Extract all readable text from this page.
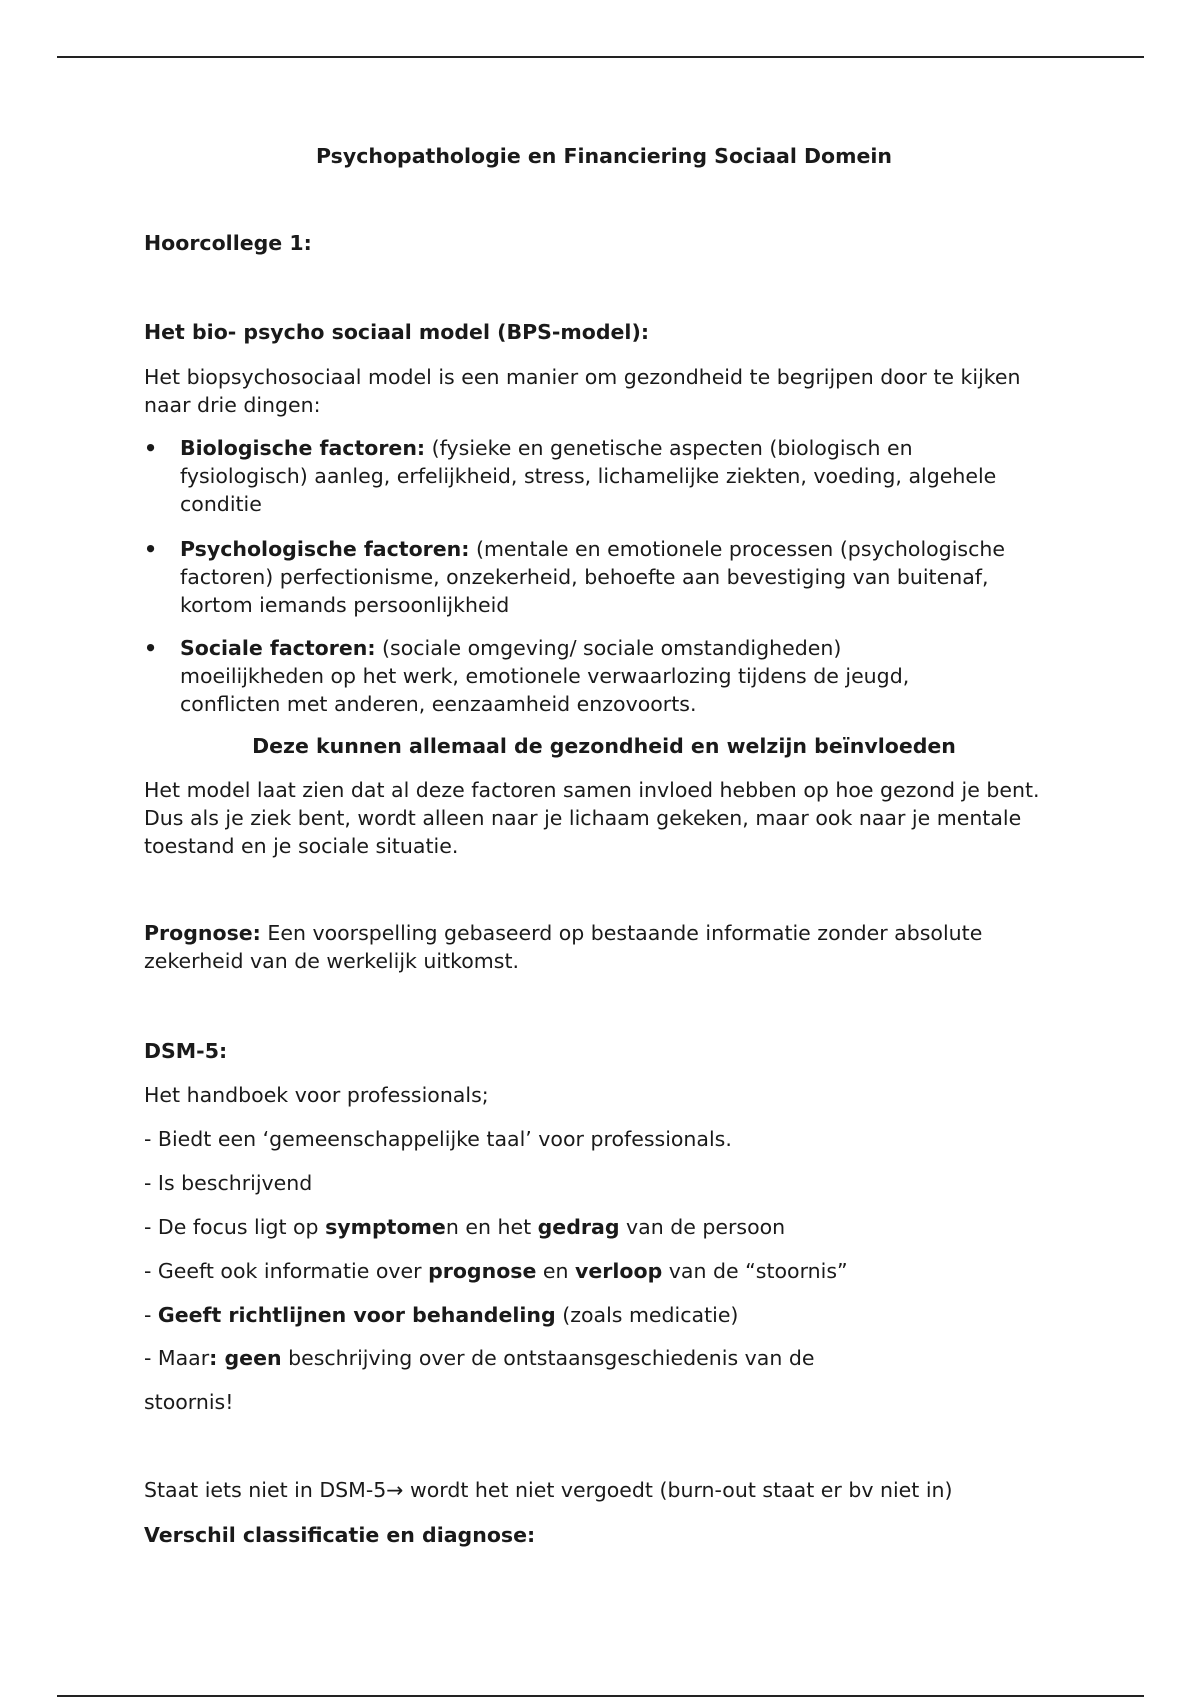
Psychopathologie en Financiering Sociaal Domein
Hoorcollege 1:
Het bio- psycho sociaal model (BPS-model):
Het biopsychosociaal model is een manier om gezondheid te begrijpen door te kijken naar drie dingen:
•	Biologische factoren: (fysieke en genetische aspecten (biologisch en fysiologisch) aanleg, erfelijkheid, stress, lichamelijke ziekten, voeding, algehele conditie
•	Psychologische factoren: (mentale en emotionele processen (psychologische factoren) perfectionisme, onzekerheid, behoefte aan bevestiging van buitenaf, kortom iemands persoonlijkheid
•	Sociale factoren: (sociale omgeving/ sociale omstandigheden) moeilijkheden op het werk, emotionele verwaarlozing tijdens de jeugd, conflicten met anderen, eenzaamheid enzovoorts.
Deze kunnen allemaal de gezondheid en welzijn beïnvloeden
Het model laat zien dat al deze factoren samen invloed hebben op hoe gezond je bent. Dus als je ziek bent, wordt alleen naar je lichaam gekeken, maar ook naar je mentale toestand en je sociale situatie.
Prognose: Een voorspelling gebaseerd op bestaande informatie zonder absolute zekerheid van de werkelijk uitkomst.
DSM-5:
Het handboek voor professionals;
- Biedt een ‘gemeenschappelijke taal’ voor professionals.
- Is beschrijvend
- De focus ligt op symptomen en het gedrag van de persoon
- Geeft ook informatie over prognose en verloop van de “stoornis”
- Geeft richtlijnen voor behandeling (zoals medicatie)
- Maar: geen beschrijving over de ontstaansgeschiedenis van de
stoornis!
Staat iets niet in DSM-5→ wordt het niet vergoedt (burn-out staat er bv niet in)
Verschil classificatie en diagnose:
